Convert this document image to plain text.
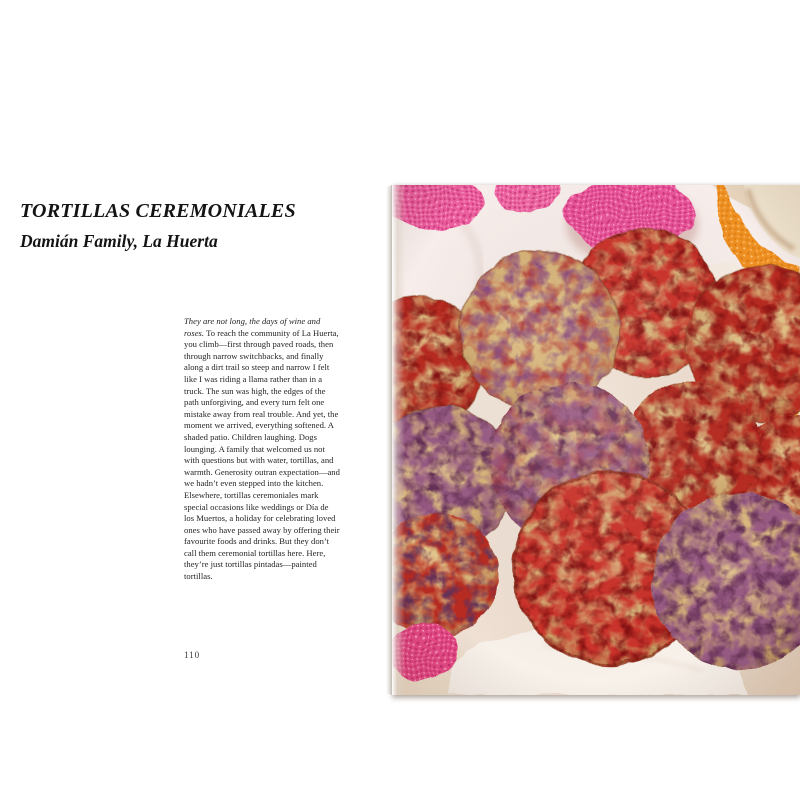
TORTILLAS CEREMONIALES
Damián Family, La Huerta

They are not long, the days of wine and roses. To reach the community of La Huerta, you climb—first through paved roads, then through narrow switchbacks, and finally along a dirt trail so steep and narrow I felt like I was riding a llama rather than in a truck. The sun was high, the edges of the path unforgiving, and every turn felt one mistake away from real trouble. And yet, the moment we arrived, everything softened. A shaded patio. Children laughing. Dogs lounging. A family that welcomed us not with questions but with water, tortillas, and warmth. Generosity outran expectation—and we hadn’t even stepped into the kitchen. Elsewhere, tortillas ceremoniales mark special occasions like weddings or Día de los Muertos, a holiday for celebrating loved ones who have passed away by offering their favourite foods and drinks. But they don’t call them ceremonial tortillas here. Here, they’re just tortillas pintadas—painted tortillas.

110
